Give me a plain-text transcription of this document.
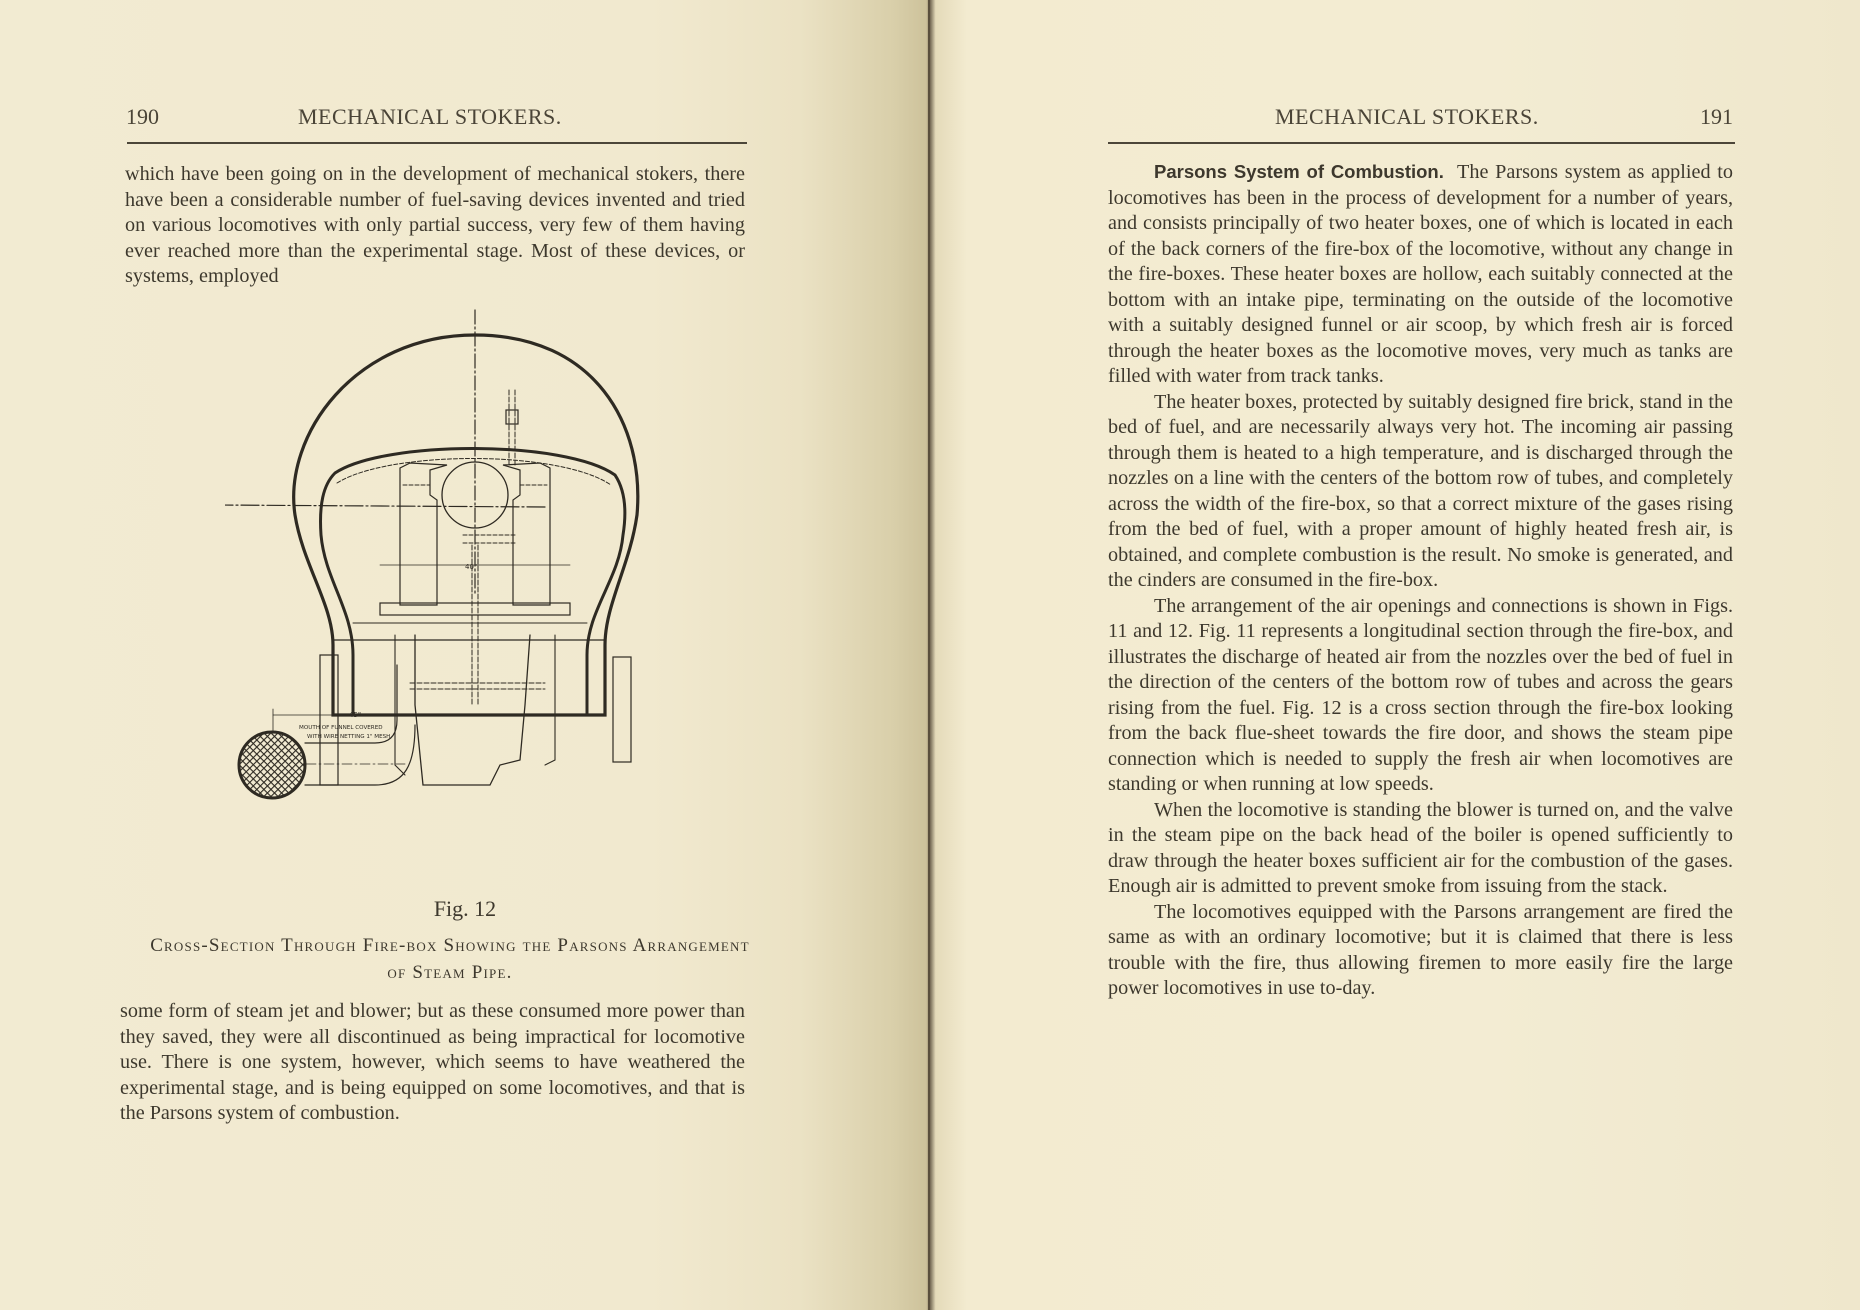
190	MECHANICAL STOKERS.

which have been going on in the development of mechanical stokers, there have been a considerable number of fuel-saving devices invented and tried on various locomotives with only partial success, very few of them having ever reached more than the experimental stage. Most of these devices, or systems, employed

40"
45"
MOUTH OF FUNNEL COVERED
WITH WIRE NETTING 1" MESH
Fig. 12
Cross-Section Through Fire-box Showing the Parsons Arrangement of Steam Pipe.

some form of steam jet and blower; but as these consumed more power than they saved, they were all discontinued as being impractical for locomotive use. There is one system, however, which seems to have weathered the experimental stage, and is being equipped on some locomotives, and that is the Parsons system of combustion.

MECHANICAL STOKERS.	191

Parsons System of Combustion. The Parsons system as applied to locomotives has been in the process of development for a number of years, and consists principally of two heater boxes, one of which is located in each of the back corners of the fire-box of the locomotive, without any change in the fire-boxes. These heater boxes are hollow, each suitably connected at the bottom with an intake pipe, terminating on the outside of the locomotive with a suitably designed funnel or air scoop, by which fresh air is forced through the heater boxes as the locomotive moves, very much as tanks are filled with water from track tanks.

The heater boxes, protected by suitably designed fire brick, stand in the bed of fuel, and are necessarily always very hot. The incoming air passing through them is heated to a high temperature, and is discharged through the nozzles on a line with the centers of the bottom row of tubes, and completely across the width of the fire-box, so that a correct mixture of the gases rising from the bed of fuel, with a proper amount of highly heated fresh air, is obtained, and complete combustion is the result. No smoke is generated, and the cinders are consumed in the fire-box.

The arrangement of the air openings and connections is shown in Figs. 11 and 12. Fig. 11 represents a longitudinal section through the fire-box, and illustrates the discharge of heated air from the nozzles over the bed of fuel in the direction of the centers of the bottom row of tubes and across the gears rising from the fuel. Fig. 12 is a cross section through the fire-box looking from the back flue-sheet towards the fire door, and shows the steam pipe connection which is needed to supply the fresh air when locomotives are standing or when running at low speeds.

When the locomotive is standing the blower is turned on, and the valve in the steam pipe on the back head of the boiler is opened sufficiently to draw through the heater boxes sufficient air for the combustion of the gases. Enough air is admitted to prevent smoke from issuing from the stack.

The locomotives equipped with the Parsons arrangement are fired the same as with an ordinary locomotive; but it is claimed that there is less trouble with the fire, thus allowing firemen to more easily fire the large power locomotives in use to-day.
